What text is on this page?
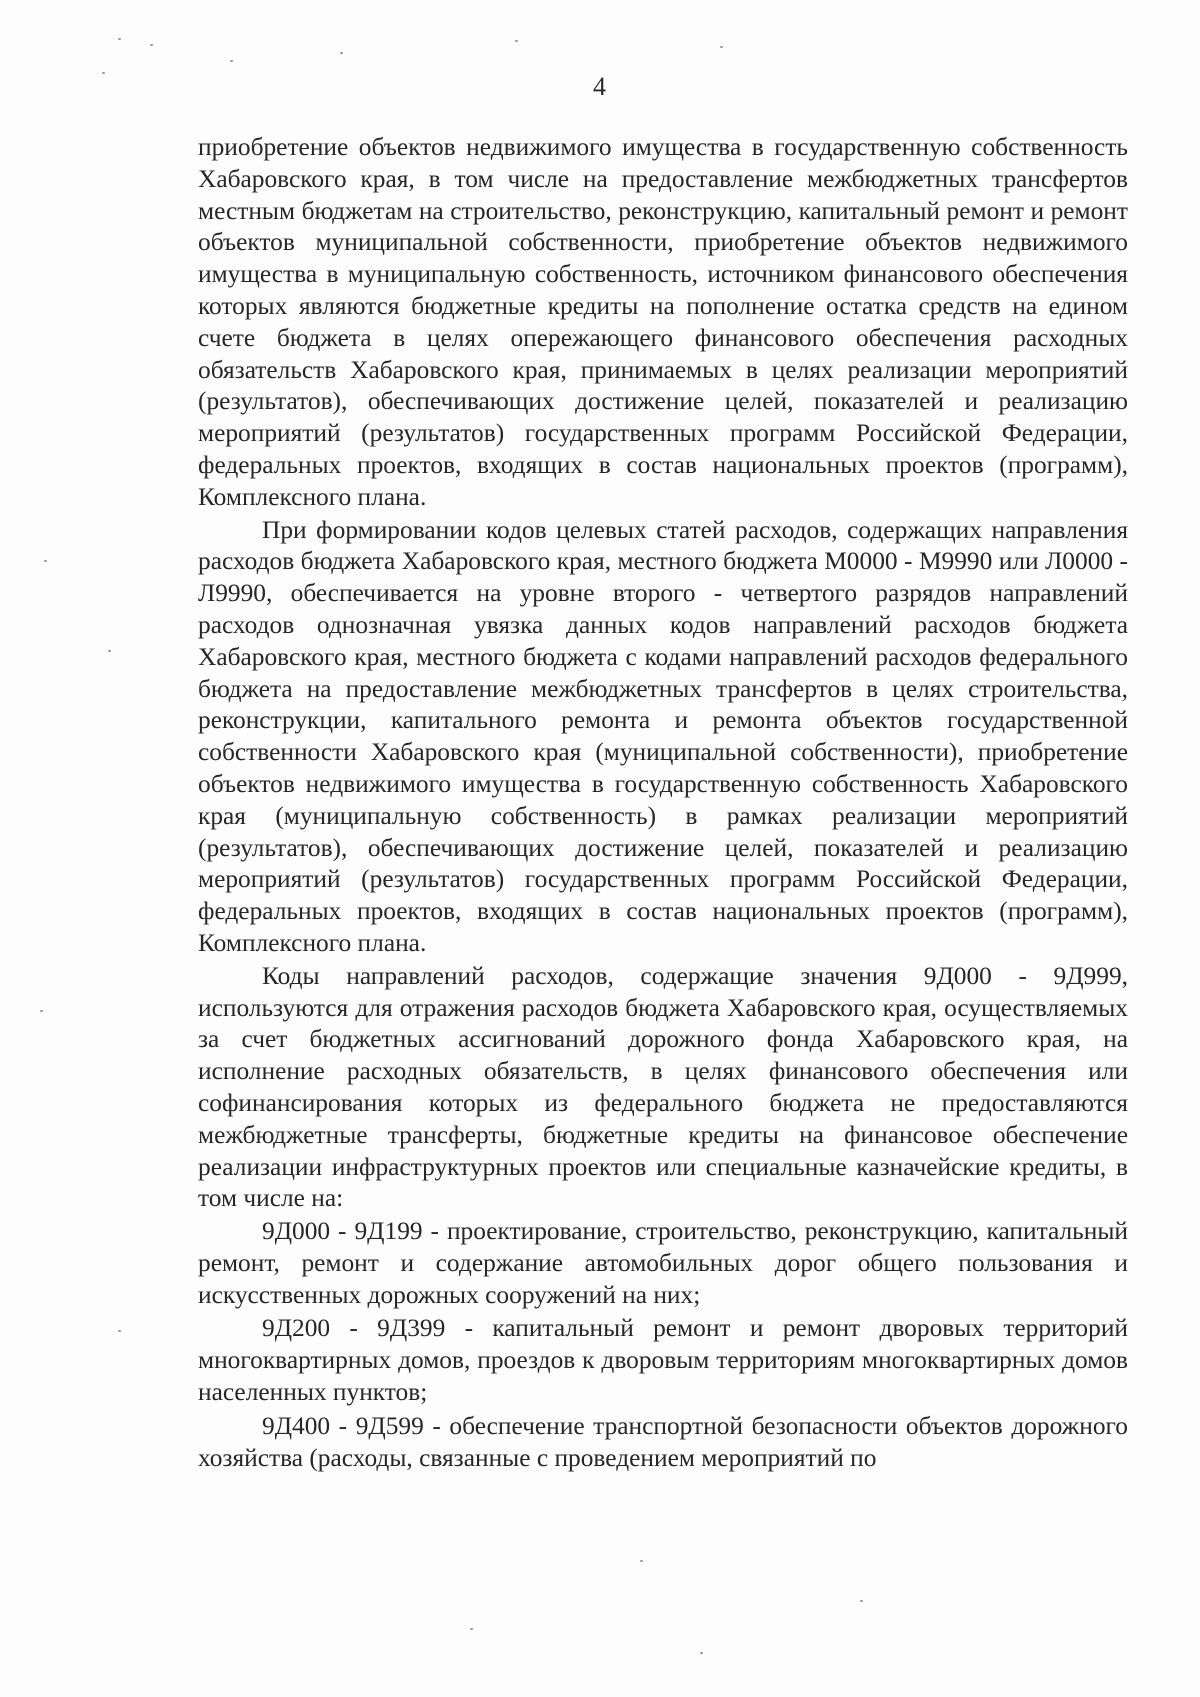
4

приобретение объектов недвижимого имущества в государственную собственность Хабаровского края, в том числе на предоставление межбюджетных трансфертов местным бюджетам на строительство, реконструкцию, капитальный ремонт и ремонт объектов муниципальной собственности, приобретение объектов недвижимого имущества в муниципальную собственность, источником финансового обеспечения которых являются бюджетные кредиты на пополнение остатка средств на едином счете бюджета в целях опережающего финансового обеспечения расходных обязательств Хабаровского края, принимаемых в целях реализации мероприятий (результатов), обеспечивающих достижение целей, показателей и реализацию мероприятий (результатов) государственных программ Российской Федерации, федеральных проектов, входящих в состав национальных проектов (программ), Комплексного плана.

При формировании кодов целевых статей расходов, содержащих направления расходов бюджета Хабаровского края, местного бюджета М0000 - М9990 или Л0000 - Л9990, обеспечивается на уровне второго - четвертого разрядов направлений расходов однозначная увязка данных кодов направлений расходов бюджета Хабаровского края, местного бюджета с кодами направлений расходов федерального бюджета на предоставление межбюджетных трансфертов в целях строительства, реконструкции, капитального ремонта и ремонта объектов государственной собственности Хабаровского края (муниципальной собственности), приобретение объектов недвижимого имущества в государственную собственность Хабаровского края (муниципальную собственность) в рамках реализации мероприятий (результатов), обеспечивающих достижение целей, показателей и реализацию мероприятий (результатов) государственных программ Российской Федерации, федеральных проектов, входящих в состав национальных проектов (программ), Комплексного плана.

Коды направлений расходов, содержащие значения 9Д000 - 9Д999, используются для отражения расходов бюджета Хабаровского края, осуществляемых за счет бюджетных ассигнований дорожного фонда Хабаровского края, на исполнение расходных обязательств, в целях финансового обеспечения или софинансирования которых из федерального бюджета не предоставляются межбюджетные трансферты, бюджетные кредиты на финансовое обеспечение реализации инфраструктурных проектов или специальные казначейские кредиты, в том числе на:

9Д000 - 9Д199 - проектирование, строительство, реконструкцию, капитальный ремонт, ремонт и содержание автомобильных дорог общего пользования и искусственных дорожных сооружений на них;

9Д200 - 9Д399 - капитальный ремонт и ремонт дворовых территорий многоквартирных домов, проездов к дворовым территориям многоквартирных домов населенных пунктов;

9Д400 - 9Д599 - обеспечение транспортной безопасности объектов дорожного хозяйства (расходы, связанные с проведением мероприятий по
